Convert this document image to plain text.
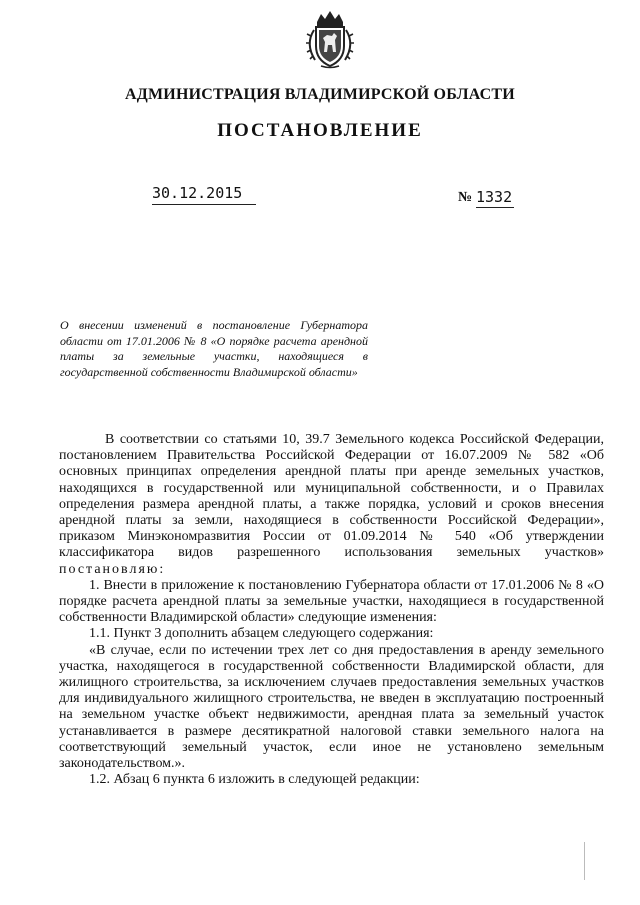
АДМИНИСТРАЦИЯ ВЛАДИМИРСКОЙ ОБЛАСТИ
ПОСТАНОВЛЕНИЕ
30.12.2015	№ 1332
О внесении изменений в постановление Губернатора области от 17.01.2006 № 8 «О порядке расчета арендной платы за земельные участки, находящиеся в государственной собственности Владимирской области»

В соответствии со статьями 10, 39.7 Земельного кодекса Российской Федерации, постановлением Правительства Российской Федерации от 16.07.2009 № 582 «Об основных принципах определения арендной платы при аренде земельных участков, находящихся в государственной или муниципальной собственности, и о Правилах определения размера арендной платы, а также порядка, условий и сроков внесения арендной платы за земли, находящиеся в собственности Российской Федерации», приказом Минэкономразвития России от 01.09.2014 № 540 «Об утверждении классификатора видов разрешенного использования земельных участков» постановляю:

1. Внести в приложение к постановлению Губернатора области от 17.01.2006 № 8 «О порядке расчета арендной платы за земельные участки, находящиеся в государственной собственности Владимирской области» следующие изменения:

1.1. Пункт 3 дополнить абзацем следующего содержания:

«В случае, если по истечении трех лет со дня предоставления в аренду земельного участка, находящегося в государственной собственности Владимирской области, для жилищного строительства, за исключением случаев предоставления земельных участков для индивидуального жилищного строительства, не введен в эксплуатацию построенный на земельном участке объект недвижимости, арендная плата за земельный участок устанавливается в размере десятикратной налоговой ставки земельного налога на соответствующий земельный участок, если иное не установлено земельным законодательством.».

1.2. Абзац 6 пункта 6 изложить в следующей редакции:
